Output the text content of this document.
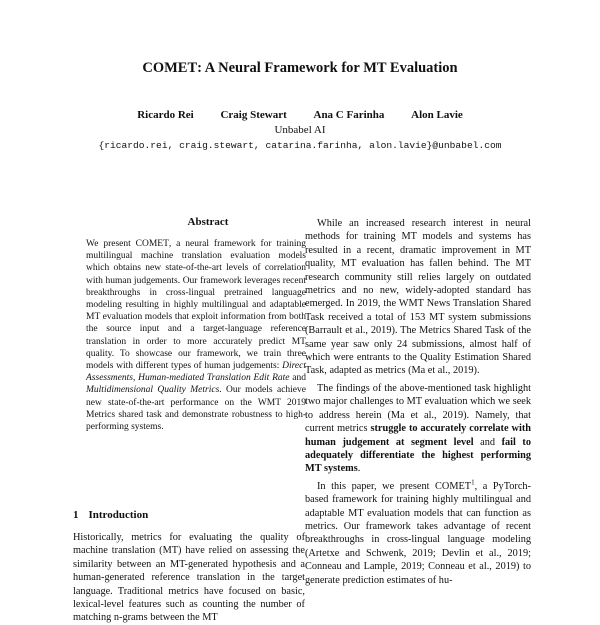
COMET: A Neural Framework for MT Evaluation
Ricardo Rei Craig Stewart Ana C Farinha Alon Lavie
Unbabel AI
{ricardo.rei, craig.stewart, catarina.farinha, alon.lavie}@unbabel.com
Abstract

We present COMET, a neural framework for training multilingual machine translation evaluation models which obtains new state-of-the-art levels of correlation with human judgements. Our framework leverages recent breakthroughs in cross-lingual pretrained language modeling resulting in highly multilingual and adaptable MT evaluation models that exploit information from both the source input and a target-language reference translation in order to more accurately predict MT quality. To showcase our framework, we train three models with different types of human judgements: Direct Assessments, Human-mediated Translation Edit Rate and Multidimensional Quality Metrics. Our models achieve new state-of-the-art performance on the WMT 2019 Metrics shared task and demonstrate robustness to high-performing systems.

1 Introduction

Historically, metrics for evaluating the quality of machine translation (MT) have relied on assessing the similarity between an MT-generated hypothesis and a human-generated reference translation in the target language. Traditional metrics have focused on basic, lexical-level features such as counting the number of matching n-grams between the MT

While an increased research interest in neural methods for training MT models and systems has resulted in a recent, dramatic improvement in MT quality, MT evaluation has fallen behind. The MT research community still relies largely on outdated metrics and no new, widely-adopted standard has emerged. In 2019, the WMT News Translation Shared Task received a total of 153 MT system submissions (Barrault et al., 2019). The Metrics Shared Task of the same year saw only 24 submissions, almost half of which were entrants to the Quality Estimation Shared Task, adapted as metrics (Ma et al., 2019).

The findings of the above-mentioned task highlight two major challenges to MT evaluation which we seek to address herein (Ma et al., 2019). Namely, that current metrics struggle to accurately correlate with human judgement at segment level and fail to adequately differentiate the highest performing MT systems.

In this paper, we present COMET$^1$, a PyTorch-based framework for training highly multilingual and adaptable MT evaluation models that can function as metrics. Our framework takes advantage of recent breakthroughs in cross-lingual language modeling (Artetxe and Schwenk, 2019; Devlin et al., 2019; Conneau and Lample, 2019; Conneau et al., 2019) to generate prediction estimates of hu-
